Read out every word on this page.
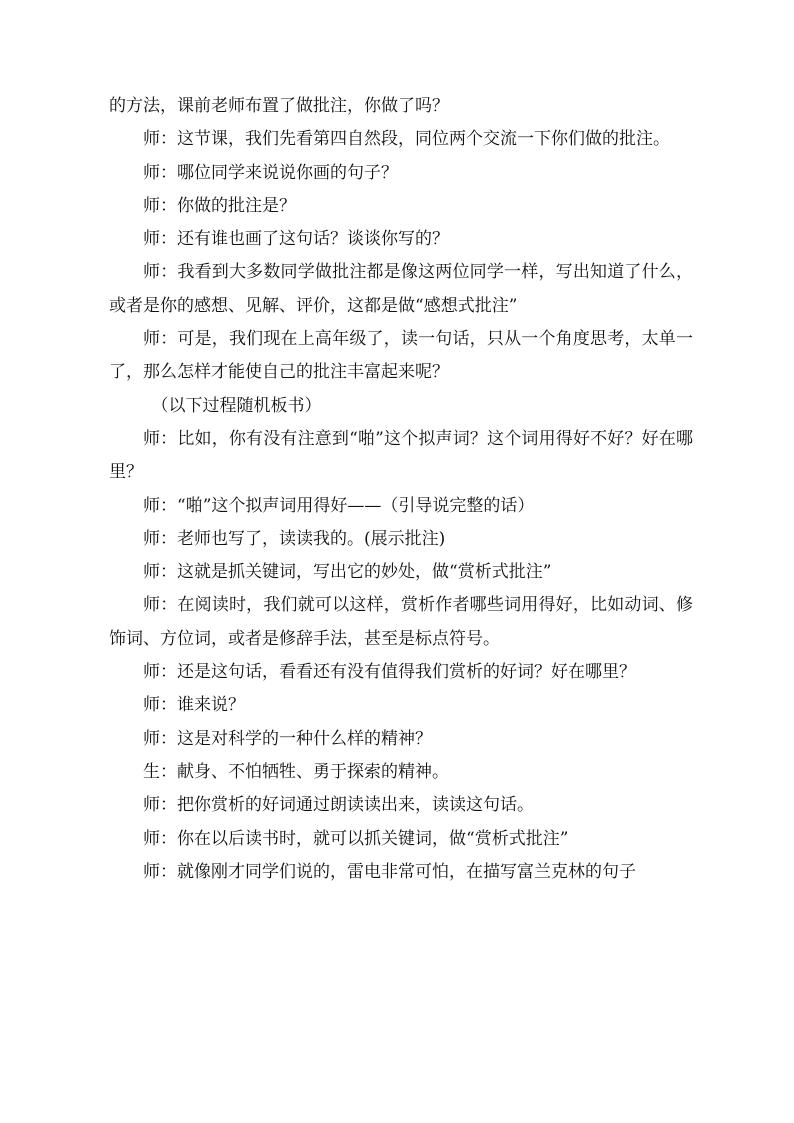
的方法，课前老师布置了做批注，你做了吗？

师：这节课，我们先看第四自然段，同位两个交流一下你们做的批注。

师：哪位同学来说说你画的句子？

师：你做的批注是？

师：还有谁也画了这句话？谈谈你写的？

师：我看到大多数同学做批注都是像这两位同学一样，写出知道了什么，或者是你的感想、见解、评价，这都是做“感想式批注”

师：可是，我们现在上高年级了，读一句话，只从一个角度思考，太单一了，那么怎样才能使自己的批注丰富起来呢？

（以下过程随机板书）

师：比如，你有没有注意到“啪”这个拟声词？这个词用得好不好？好在哪里？

师：“啪”这个拟声词用得好——（引导说完整的话）

师：老师也写了，读读我的。(展示批注)

师：这就是抓关键词，写出它的妙处，做“赏析式批注”

师：在阅读时，我们就可以这样，赏析作者哪些词用得好，比如动词、修饰词、方位词，或者是修辞手法，甚至是标点符号。

师：还是这句话，看看还有没有值得我们赏析的好词？好在哪里？

师：谁来说？

师：这是对科学的一种什么样的精神？

生：献身、不怕牺牲、勇于探索的精神。

师：把你赏析的好词通过朗读读出来，读读这句话。

师：你在以后读书时，就可以抓关键词，做“赏析式批注”

师：就像刚才同学们说的，雷电非常可怕，在描写富兰克林的句子
